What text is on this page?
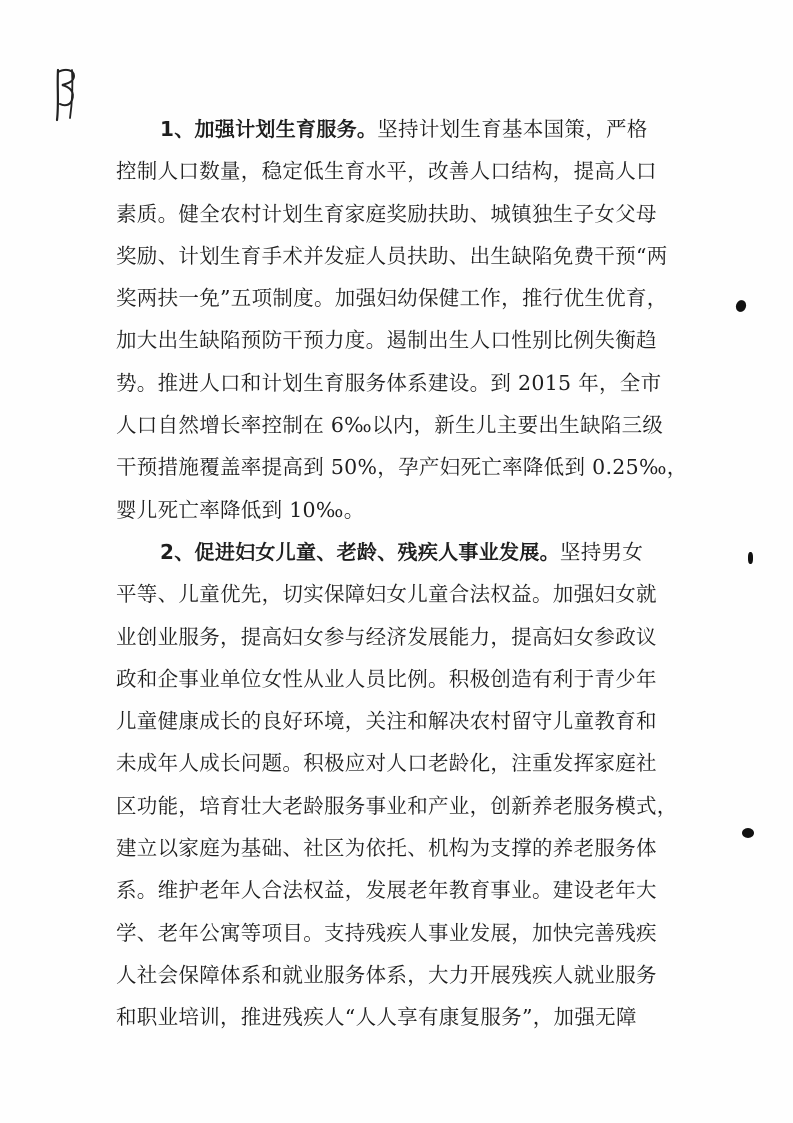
1、加强计划生育服务。坚持计划生育基本国策，严格
控制人口数量，稳定低生育水平，改善人口结构，提高人口
素质。健全农村计划生育家庭奖励扶助、城镇独生子女父母
奖励、计划生育手术并发症人员扶助、出生缺陷免费干预“两
奖两扶一免”五项制度。加强妇幼保健工作，推行优生优育，
加大出生缺陷预防干预力度。遏制出生人口性别比例失衡趋
势。推进人口和计划生育服务体系建设。到 2015 年，全市
人口自然增长率控制在 6‰以内，新生儿主要出生缺陷三级
干预措施覆盖率提高到 50%，孕产妇死亡率降低到 0.25‰，
婴儿死亡率降低到 10‰。
2、促进妇女儿童、老龄、残疾人事业发展。坚持男女
平等、儿童优先，切实保障妇女儿童合法权益。加强妇女就
业创业服务，提高妇女参与经济发展能力，提高妇女参政议
政和企事业单位女性从业人员比例。积极创造有利于青少年
儿童健康成长的良好环境，关注和解决农村留守儿童教育和
未成年人成长问题。积极应对人口老龄化，注重发挥家庭社
区功能，培育壮大老龄服务事业和产业，创新养老服务模式，
建立以家庭为基础、社区为依托、机构为支撑的养老服务体
系。维护老年人合法权益，发展老年教育事业。建设老年大
学、老年公寓等项目。支持残疾人事业发展，加快完善残疾
人社会保障体系和就业服务体系，大力开展残疾人就业服务
和职业培训，推进残疾人“人人享有康复服务”，加强无障
